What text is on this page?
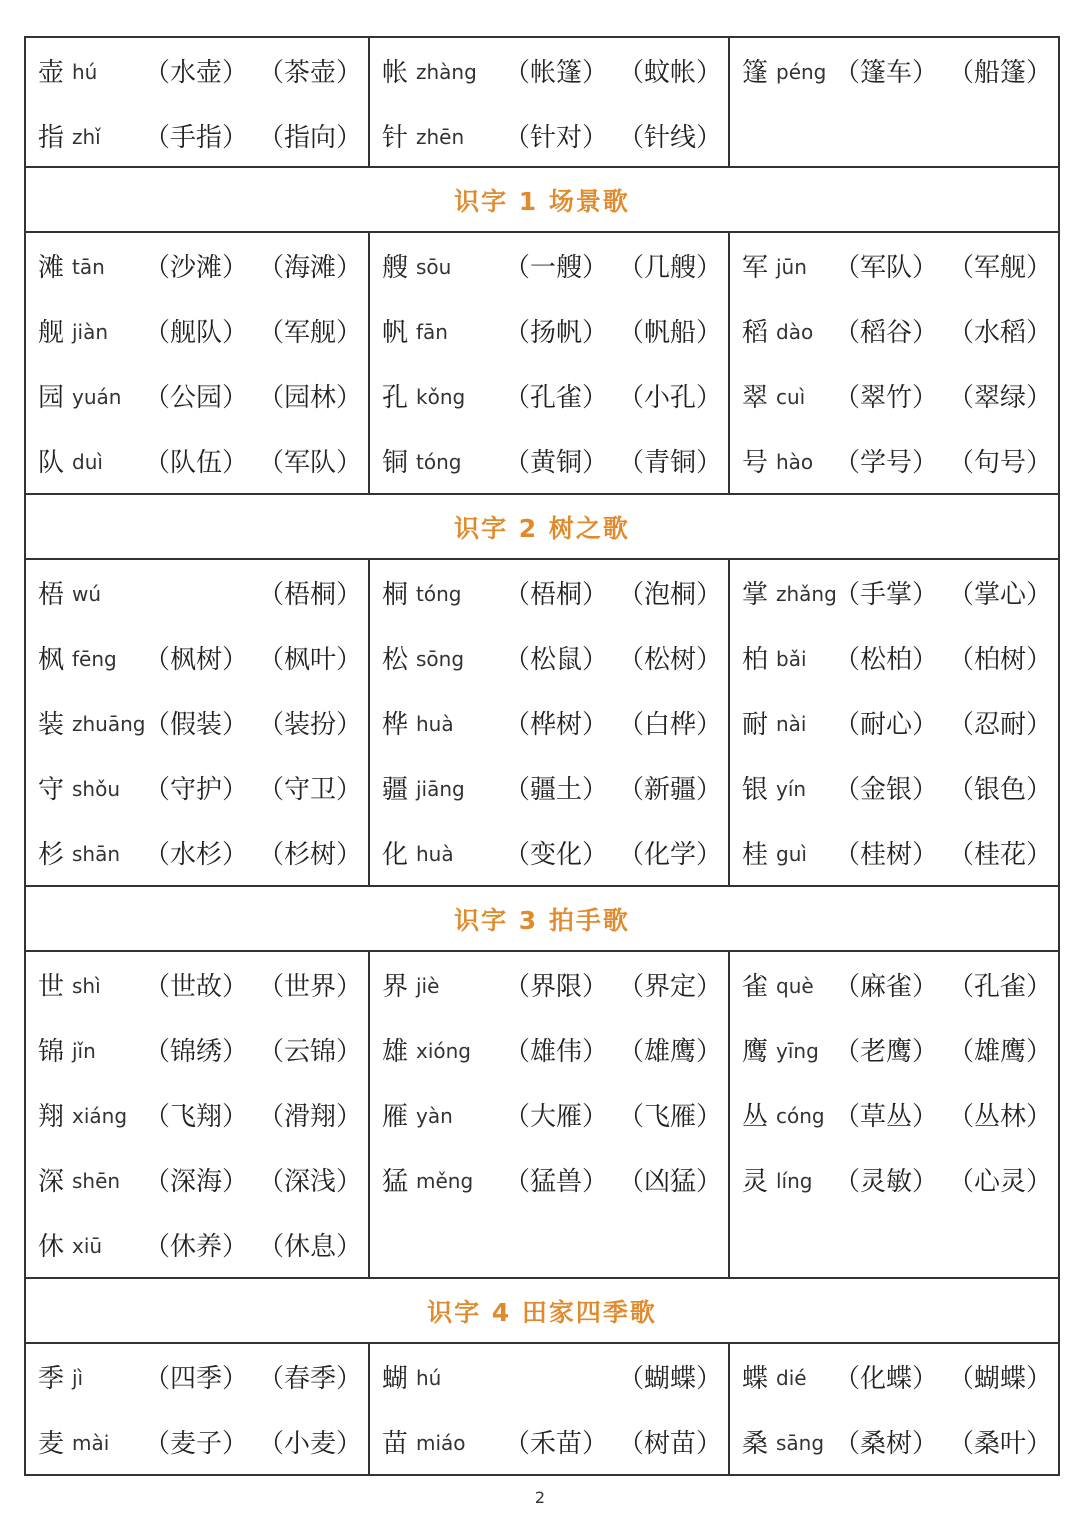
壶 hú （水壶） （茶壶）
指 zhǐ （手指） （指向）
帐 zhàng （帐篷） （蚊帐）
针 zhēn （针对） （针线）
篷 péng （篷车） （船篷）
识字 1 场景歌
滩 tān （沙滩） （海滩）
舰 jiàn （舰队） （军舰）
园 yuán （公园） （园林）
队 duì （队伍） （军队）
艘 sōu （一艘） （几艘）
帆 fān （扬帆） （帆船）
孔 kǒng （孔雀） （小孔）
铜 tóng （黄铜） （青铜）
军 jūn （军队） （军舰）
稻 dào （稻谷） （水稻）
翠 cuì （翠竹） （翠绿）
号 hào （学号） （句号）
识字 2 树之歌
梧 wú	（梧桐）
枫 fēng （枫树） （枫叶）
装 zhuāng
（假装） （装扮）
守 shǒu （守护） （守卫）
杉 shān （水杉） （杉树）
桐 tóng （梧桐） （泡桐）
松 sōng （松鼠） （松树）
桦 huà （桦树） （白桦）
疆 jiāng （疆土） （新疆）
化 huà （变化） （化学）
掌 zhǎng
（手掌） （掌心）
柏 bǎi （松柏） （柏树）
耐 nài （耐心） （忍耐）
银 yín （金银） （银色）
桂 guì （桂树） （桂花）
识字 3 拍手歌
世 shì （世故） （世界）
锦 jǐn （锦绣） （云锦）
翔 xiáng （飞翔） （滑翔）
深 shēn （深海） （深浅）
休 xiū （休养） （休息）
界 jiè （界限） （界定）
雄 xióng （雄伟） （雄鹰）
雁 yàn （大雁） （飞雁）
猛 měng （猛兽） （凶猛）
雀 què （麻雀） （孔雀）
鹰 yīng （老鹰） （雄鹰）
丛 cóng （草丛） （丛林）
灵 líng （灵敏） （心灵）
识字 4 田家四季歌
季 jì （四季） （春季）
麦 mài （麦子） （小麦）
蝴 hú	（蝴蝶）
苗 miáo （禾苗） （树苗）
蝶 dié （化蝶） （蝴蝶）
桑 sāng （桑树） （桑叶）
2
